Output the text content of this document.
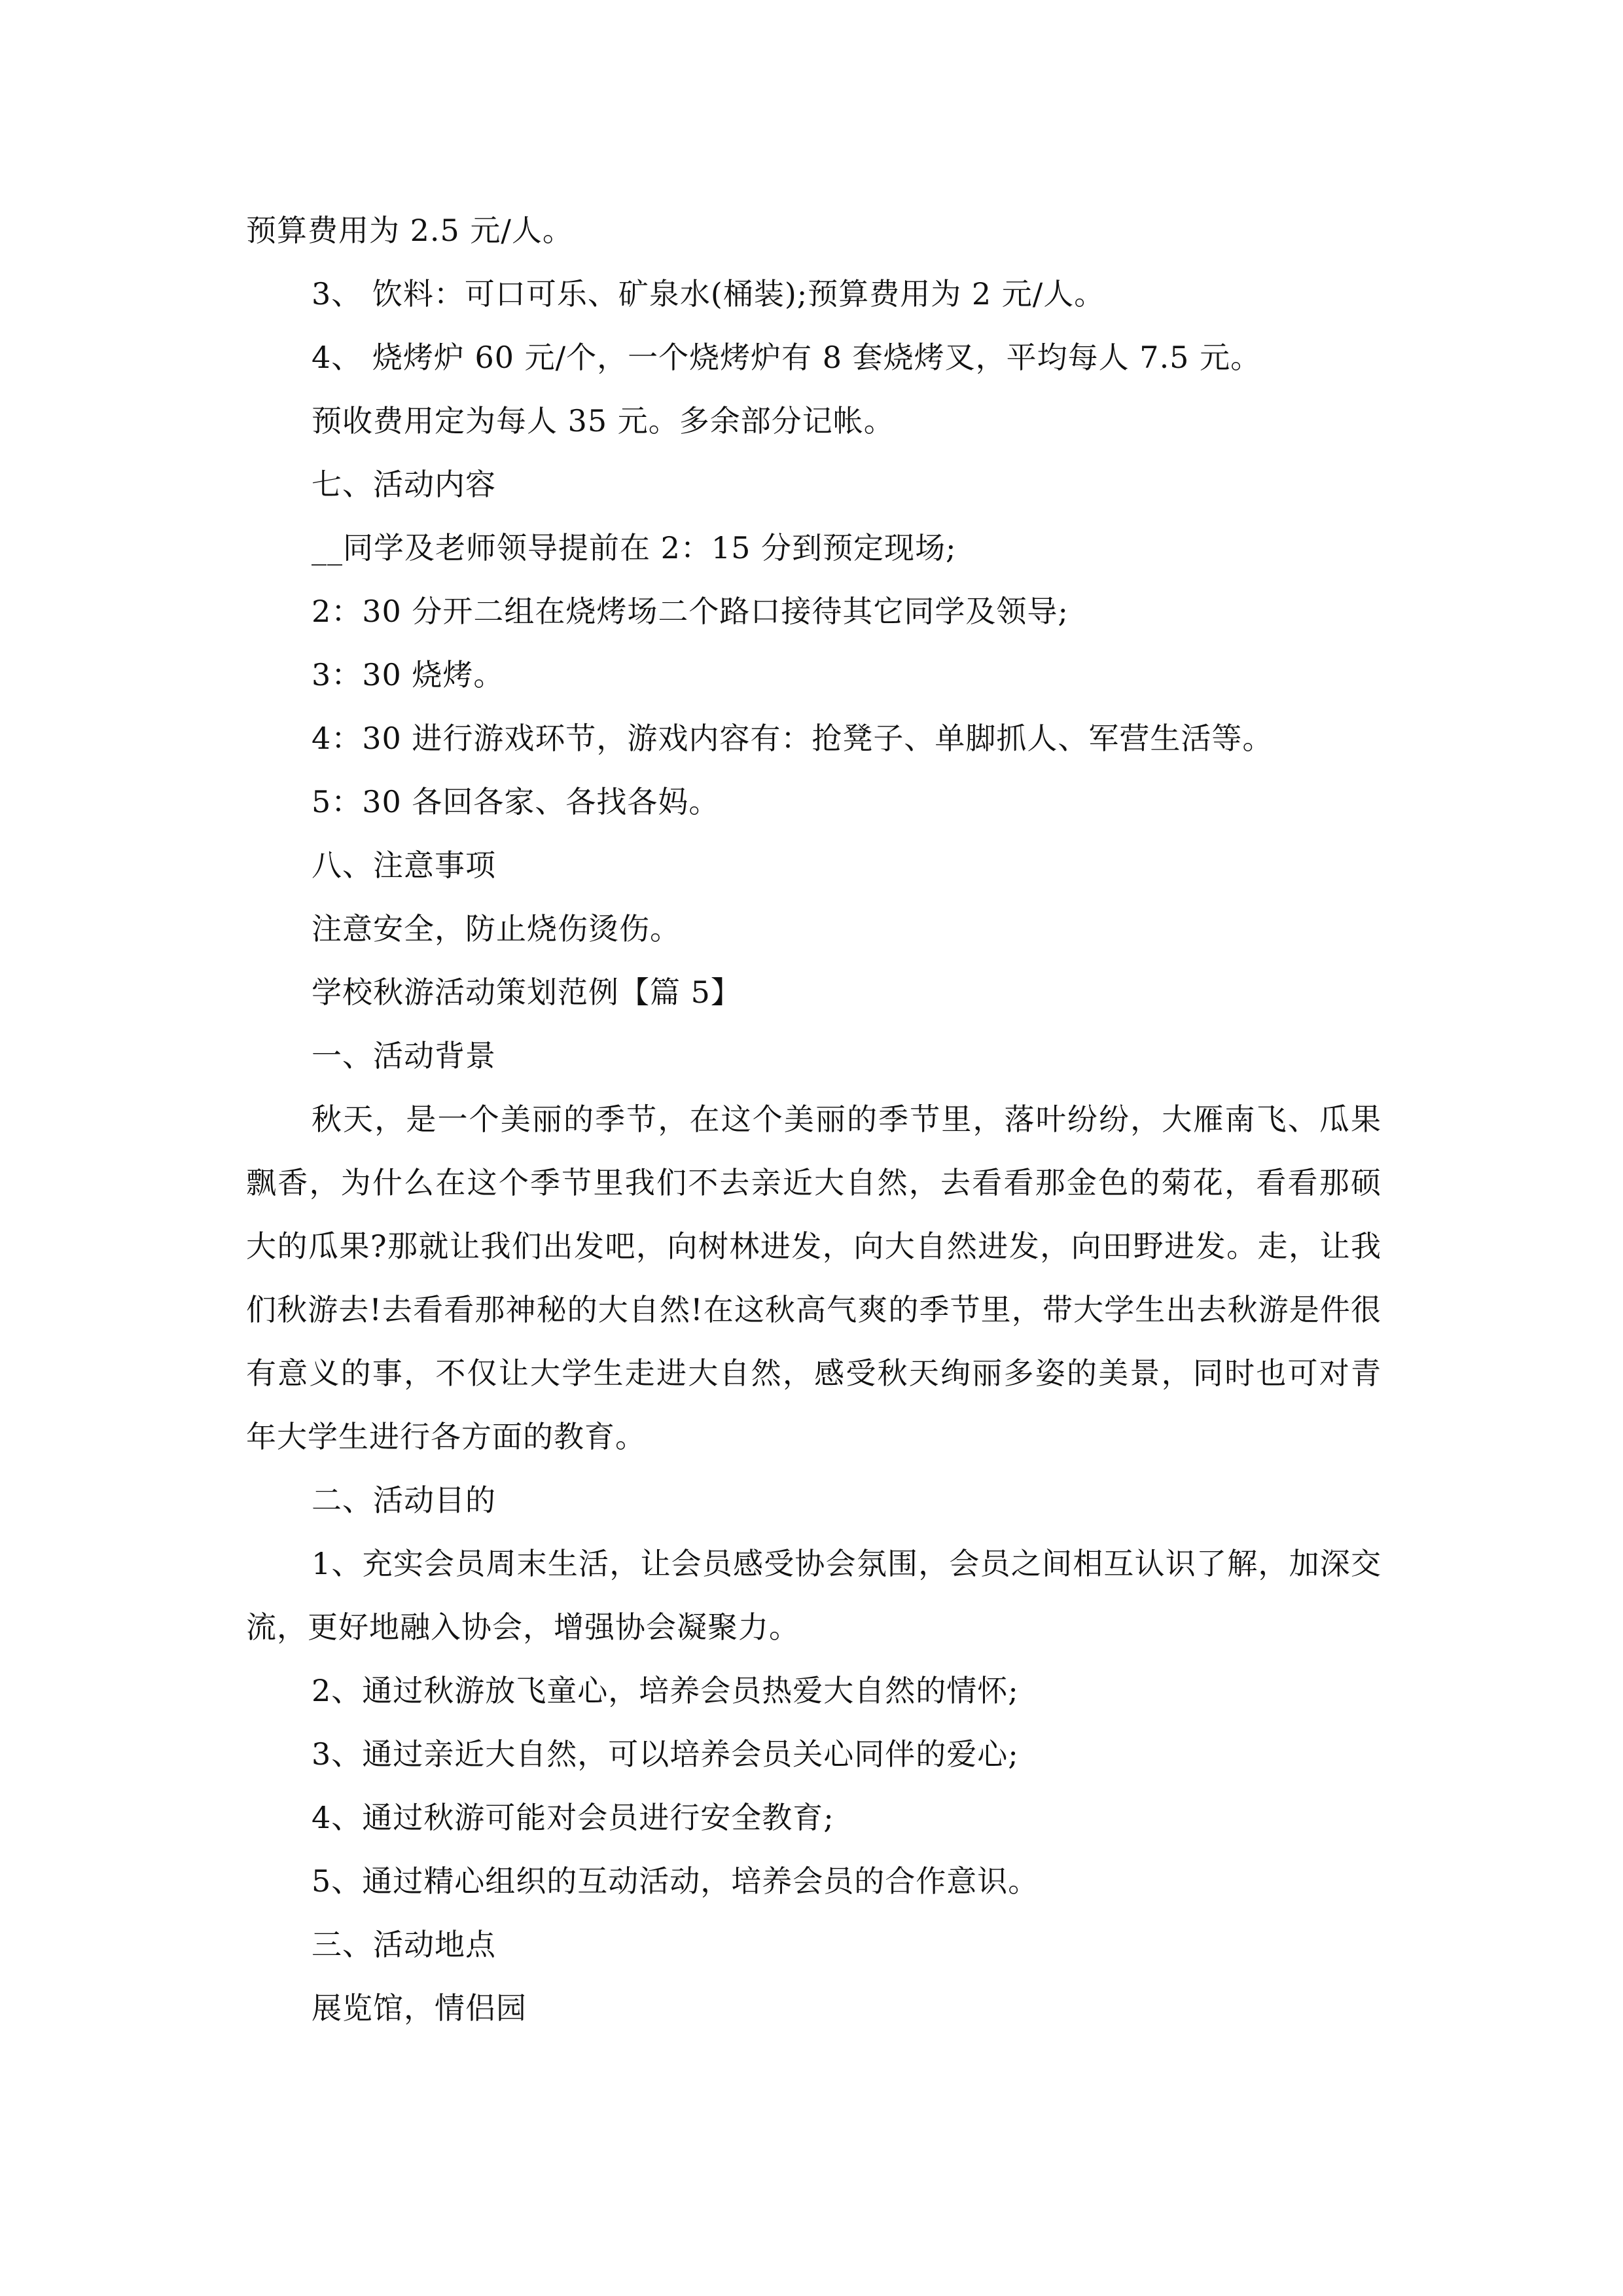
预算费用为 2.5 元/人。

3、 饮料：可口可乐、矿泉水(桶装);预算费用为 2 元/人。

4、 烧烤炉 60 元/个，一个烧烤炉有 8 套烧烤叉，平均每人 7.5 元。

预收费用定为每人 35 元。多余部分记帐。

七、活动内容

__同学及老师领导提前在 2：15 分到预定现场;

2：30 分开二组在烧烤场二个路口接待其它同学及领导;

3：30 烧烤。

4：30 进行游戏环节，游戏内容有：抢凳子、单脚抓人、军营生活等。

5：30 各回各家、各找各妈。

八、注意事项

注意安全，防止烧伤烫伤。

学校秋游活动策划范例【篇 5】

一、活动背景

秋天，是一个美丽的季节，在这个美丽的季节里，落叶纷纷，大雁南飞、瓜果飘香，为什么在这个季节里我们不去亲近大自然，去看看那金色的菊花，看看那硕大的瓜果?那就让我们出发吧，向树林进发，向大自然进发，向田野进发。走，让我们秋游去!去看看那神秘的大自然!在这秋高气爽的季节里，带大学生出去秋游是件很有意义的事，不仅让大学生走进大自然，感受秋天绚丽多姿的美景，同时也可对青年大学生进行各方面的教育。

二、活动目的

1、充实会员周末生活，让会员感受协会氛围，会员之间相互认识了解，加深交流，更好地融入协会，增强协会凝聚力。

2、通过秋游放飞童心，培养会员热爱大自然的情怀;

3、通过亲近大自然，可以培养会员关心同伴的爱心;

4、通过秋游可能对会员进行安全教育;

5、通过精心组织的互动活动，培养会员的合作意识。

三、活动地点

展览馆，情侣园
